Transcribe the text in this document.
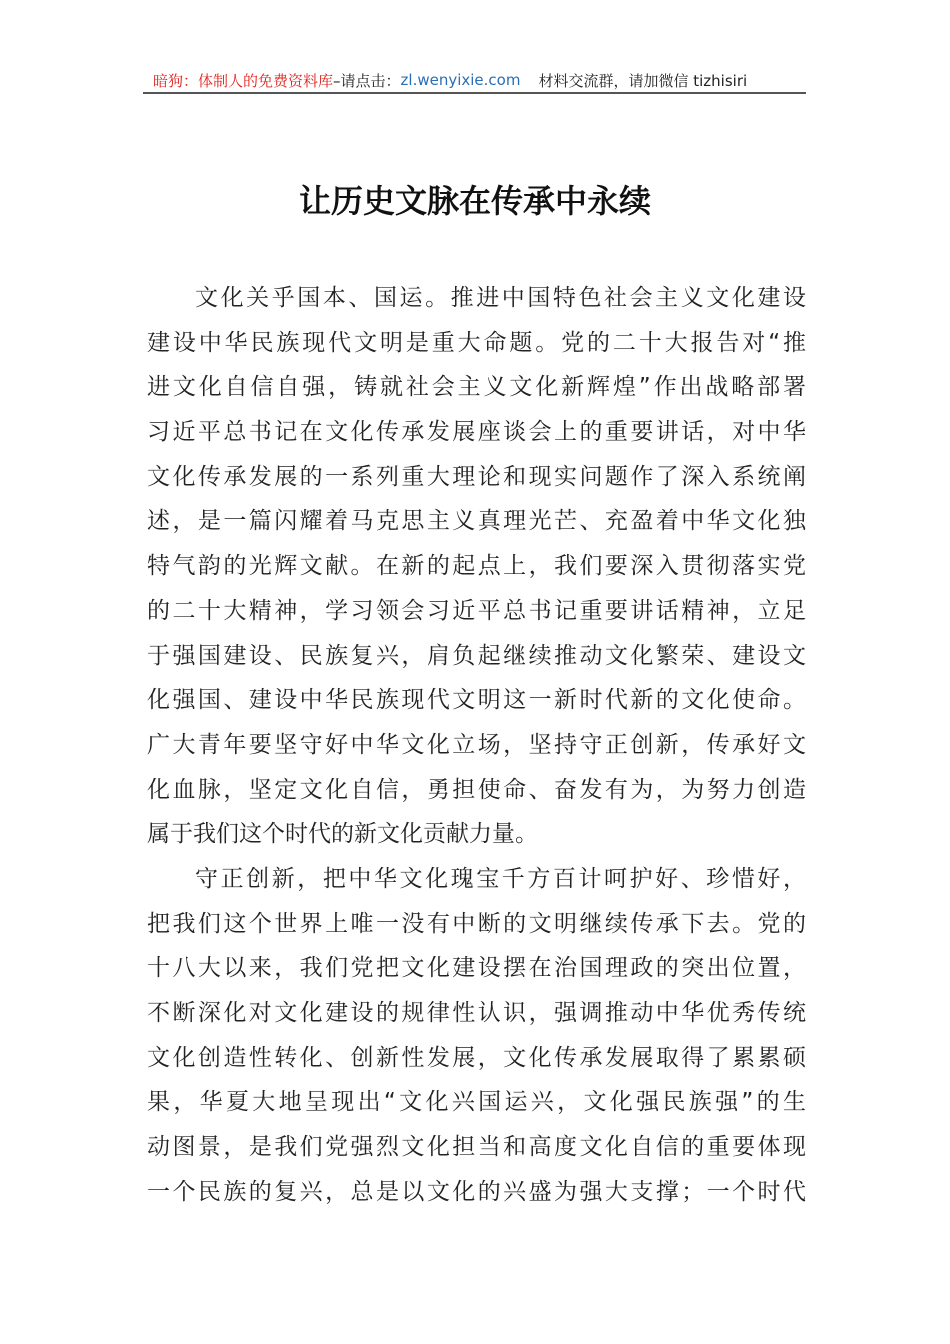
暗狗：体制人的免费资料库 –请点击： zl.wenyixie.com 材料交流群，请加微信 tizhisiri
让历史文脉在传承中永续
文化关乎国本、国运。推进中国特色社会主义文化建设
建设中华民族现代文明是重大命题。党的二十大报告对“推
进文化自信自强，铸就社会主义文化新辉煌”作出战略部署
习近平总书记在文化传承发展座谈会上的重要讲话，对中华
文化传承发展的一系列重大理论和现实问题作了深入系统阐
述，是一篇闪耀着马克思主义真理光芒、充盈着中华文化独
特气韵的光辉文献。在新的起点上，我们要深入贯彻落实党
的二十大精神，学习领会习近平总书记重要讲话精神，立足
于强国建设、民族复兴，肩负起继续推动文化繁荣、建设文
化强国、建设中华民族现代文明这一新时代新的文化使命。
广大青年要坚守好中华文化立场，坚持守正创新，传承好文
化血脉，坚定文化自信，勇担使命、奋发有为，为努力创造
属于我们这个时代的新文化贡献力量。
守正创新，把中华文化瑰宝千方百计呵护好、珍惜好，
把我们这个世界上唯一没有中断的文明继续传承下去。党的
十八大以来，我们党把文化建设摆在治国理政的突出位置，
不断深化对文化建设的规律性认识，强调推动中华优秀传统
文化创造性转化、创新性发展，文化传承发展取得了累累硕
果，华夏大地呈现出“文化兴国运兴，文化强民族强”的生
动图景，是我们党强烈文化担当和高度文化自信的重要体现
一个民族的复兴，总是以文化的兴盛为强大支撑；一个时代
